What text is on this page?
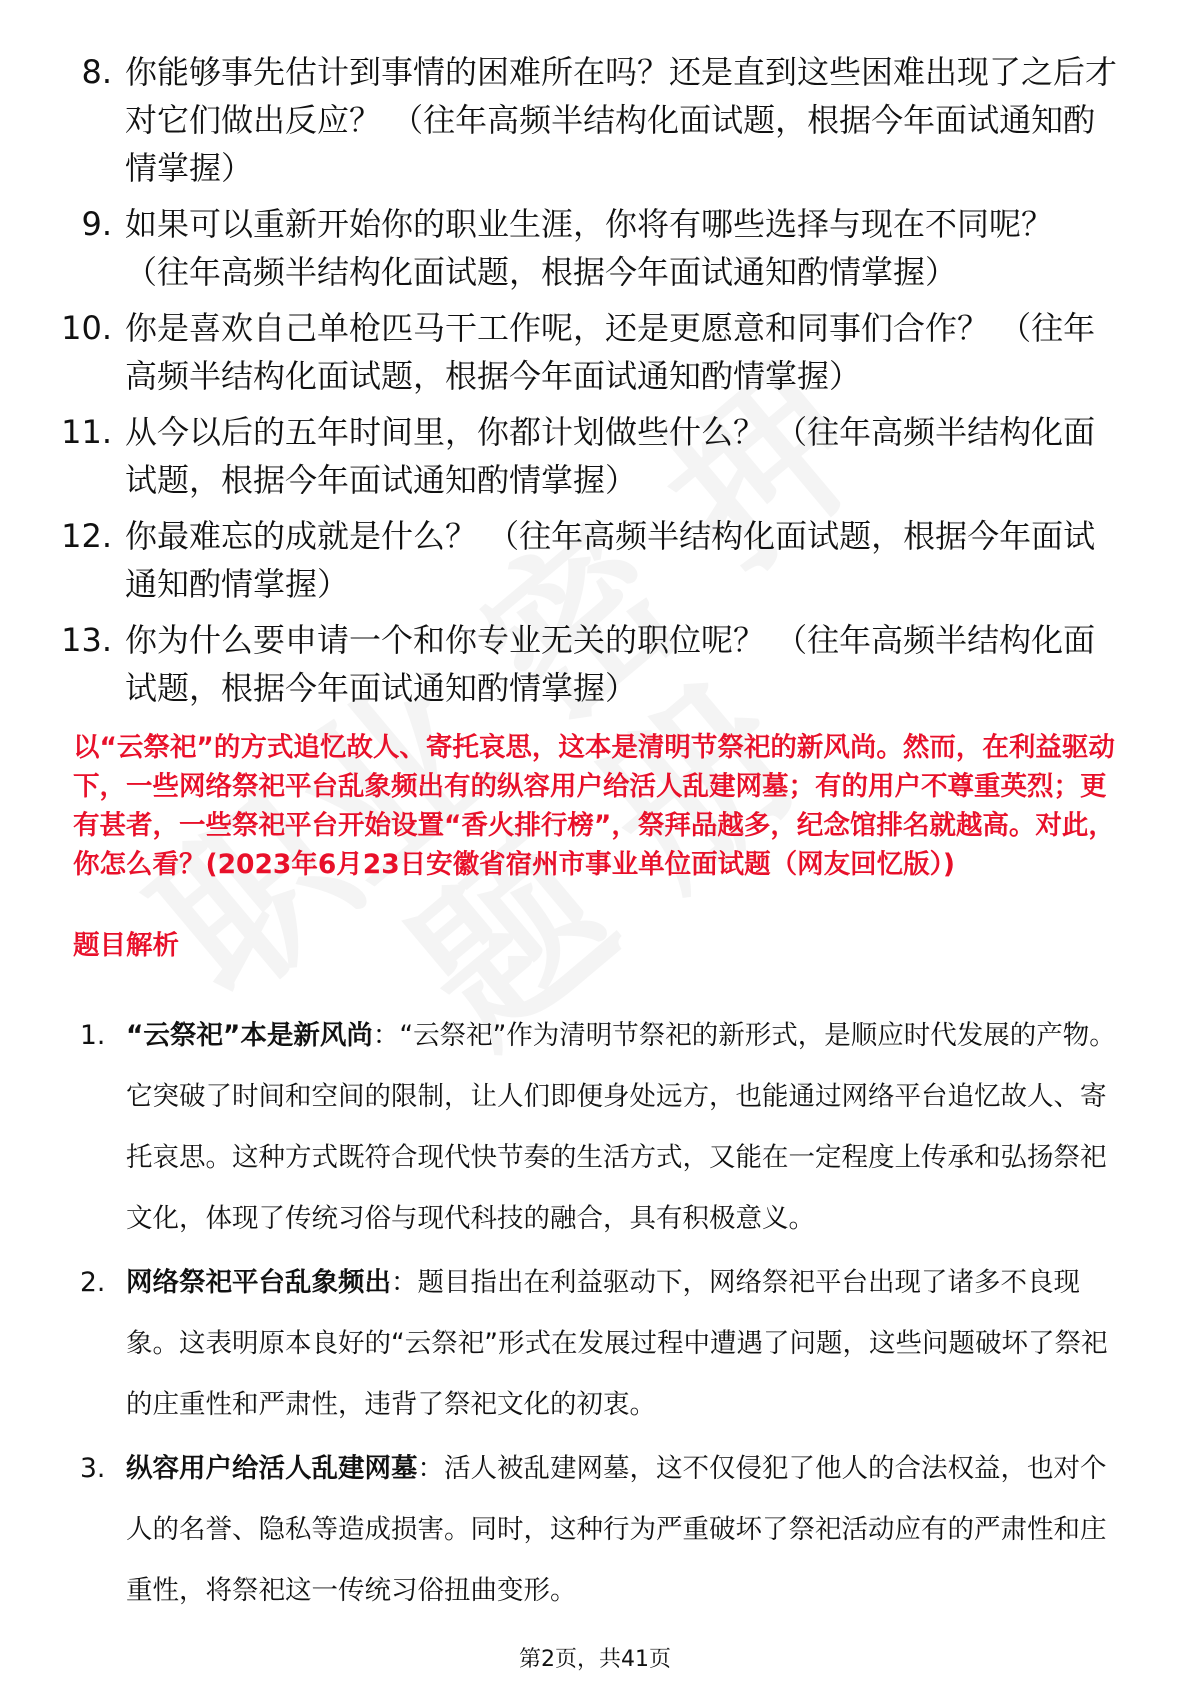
8. 你能够事先估计到事情的困难所在吗？还是直到这些困难出现了之后才对它们做出反应？ （往年高频半结构化面试题，根据今年面试通知酌情掌握）
9. 如果可以重新开始你的职业生涯，你将有哪些选择与现在不同呢？ （往年高频半结构化面试题，根据今年面试通知酌情掌握）
10. 你是喜欢自己单枪匹马干工作呢，还是更愿意和同事们合作？ （往年高频半结构化面试题，根据今年面试通知酌情掌握）
11. 从今以后的五年时间里，你都计划做些什么？ （往年高频半结构化面试题，根据今年面试通知酌情掌握）
12. 你最难忘的成就是什么？ （往年高频半结构化面试题，根据今年面试通知酌情掌握）
13. 你为什么要申请一个和你专业无关的职位呢？ （往年高频半结构化面试题，根据今年面试通知酌情掌握）
以“云祭祀”的方式追忆故人、寄托哀思，这本是清明节祭祀的新风尚。然而，在利益驱动下，一些网络祭祀平台乱象频出有的纵容用户给活人乱建网墓；有的用户不尊重英烈；更有甚者，一些祭祀平台开始设置“香火排行榜”，祭拜品越多，纪念馆排名就越高。对此，你怎么看？(2023年6月23日安徽省宿州市事业单位面试题（网友回忆版）)
题目解析
1. “云祭祀”本是新风尚：“云祭祀”作为清明节祭祀的新形式，是顺应时代发展的产物。它突破了时间和空间的限制，让人们即便身处远方，也能通过网络平台追忆故人、寄托哀思。这种方式既符合现代快节奏的生活方式，又能在一定程度上传承和弘扬祭祀文化，体现了传统习俗与现代科技的融合，具有积极意义。
2. 网络祭祀平台乱象频出：题目指出在利益驱动下，网络祭祀平台出现了诸多不良现象。这表明原本良好的“云祭祀”形式在发展过程中遭遇了问题，这些问题破坏了祭祀的庄重性和严肃性，违背了祭祀文化的初衷。
3. 纵容用户给活人乱建网墓：活人被乱建网墓，这不仅侵犯了他人的合法权益，也对个人的名誉、隐私等造成损害。同时，这种行为严重破坏了祭祀活动应有的严肃性和庄重性，将祭祀这一传统习俗扭曲变形。
第2页，共41页
